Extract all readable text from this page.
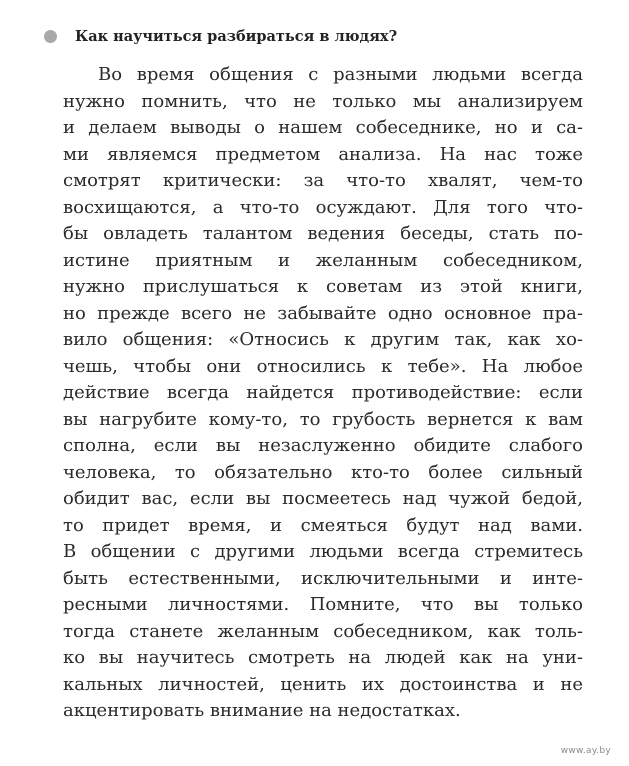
Как научиться разбираться в людях?
Во время общения с разными людьми всегда
нужно помнить, что не только мы анализируем
и делаем выводы о нашем собеседнике, но и са-
ми являемся предметом анализа. На нас тоже
смотрят критически: за что-то хвалят, чем-то
восхищаются, а что-то осуждают. Для того что-
бы овладеть талантом ведения беседы, стать по-
истине приятным и желанным собеседником,
нужно прислушаться к советам из этой книги,
но прежде всего не забывайте одно основное пра-
вило общения: «Относись к другим так, как хо-
чешь, чтобы они относились к тебе». На любое
действие всегда найдется противодействие: если
вы нагрубите кому-то, то грубость вернется к вам
сполна, если вы незаслуженно обидите слабого
человека, то обязательно кто-то более сильный
обидит вас, если вы посмеетесь над чужой бедой,
то придет время, и смеяться будут над вами.
В общении с другими людьми всегда стремитесь
быть естественными, исключительными и инте-
ресными личностями. Помните, что вы только
тогда станете желанным собеседником, как толь-
ко вы научитесь смотреть на людей как на уни-
кальных личностей, ценить их достоинства и не
акцентировать внимание на недостатках.
www.ay.by
